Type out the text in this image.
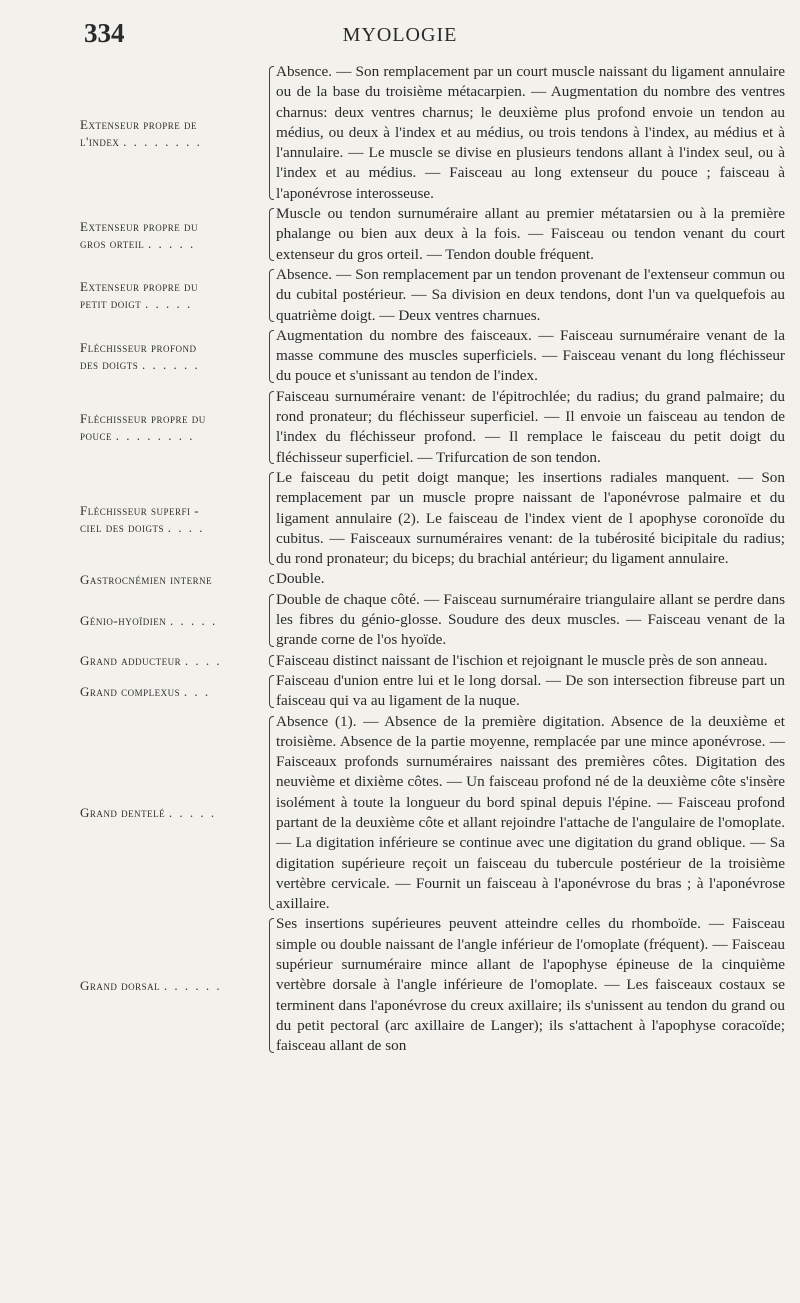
334	MYOLOGIE
Extenseur propre de
l'index . . . . . . . .
Absence. — Son remplacement par un court muscle naissant du ligament annulaire ou de la base du troisième métacarpien. — Augmentation du nombre des ventres charnus: deux ventres charnus; le deuxième plus profond envoie un tendon au médius, ou deux à l'index et au médius, ou trois tendons à l'index, au médius et à l'annulaire. — Le muscle se divise en plusieurs tendons allant à l'index seul, ou à l'index et au médius. — Faisceau au long extenseur du pouce ; faisceau à l'aponévrose interosseuse.
Extenseur propre du
gros orteil . . . . .
Muscle ou tendon surnuméraire allant au premier métatarsien ou à la première phalange ou bien aux deux à la fois. — Faisceau ou tendon venant du court extenseur du gros orteil. — Tendon double fréquent.
Extenseur propre du
petit doigt . . . . .
Absence. — Son remplacement par un tendon provenant de l'extenseur commun ou du cubital postérieur. — Sa division en deux tendons, dont l'un va quelquefois au quatrième doigt. — Deux ventres charnues.
Fléchisseur profond
des doigts . . . . . .
Augmentation du nombre des faisceaux. — Faisceau surnuméraire venant de la masse commune des muscles superficiels. — Faisceau venant du long fléchisseur du pouce et s'unissant au tendon de l'index.
Fléchisseur propre du
pouce . . . . . . . .
Faisceau surnuméraire venant: de l'épitrochlée; du radius; du grand palmaire; du rond pronateur; du fléchisseur superficiel. — Il envoie un faisceau au tendon de l'index du fléchisseur profond. — Il remplace le faisceau du petit doigt du fléchisseur superficiel. — Trifurcation de son tendon.
Fléchisseur superfi -
ciel des doigts . . . .
Le faisceau du petit doigt manque; les insertions radiales manquent. — Son remplacement par un muscle propre naissant de l'aponévrose palmaire et du ligament annulaire (2). Le faisceau de l'index vient de l apophyse coronoïde du cubitus. — Faisceaux surnuméraires venant: de la tubérosité bicipitale du radius; du rond pronateur; du biceps; du brachial antérieur; du ligament annulaire.
Gastrocnémien interne	Double.
Génio-hyoïdien . . . . .
Double de chaque côté. — Faisceau surnuméraire triangulaire allant se perdre dans les fibres du génio-glosse. Soudure des deux muscles. — Faisceau venant de la grande corne de l'os hyoïde.
Grand adducteur . . . .	Faisceau distinct naissant de l'ischion et rejoignant le muscle près de son anneau.
Grand complexus . . .
Faisceau d'union entre lui et le long dorsal. — De son intersection fibreuse part un faisceau qui va au ligament de la nuque.
Grand dentelé . . . . .
Absence (1). — Absence de la première digitation. Absence de la deuxième et troisième. Absence de la partie moyenne, remplacée par une mince aponévrose. — Faisceaux profonds surnuméraires naissant des premières côtes. Digitation des neuvième et dixième côtes. — Un faisceau profond né de la deuxième côte s'insère isolément à toute la longueur du bord spinal depuis l'épine. — Faisceau profond partant de la deuxième côte et allant rejoindre l'attache de l'angulaire de l'omoplate. — La digitation inférieure se continue avec une digitation du grand oblique. — Sa digitation supérieure reçoit un faisceau du tubercule postérieur de la troisième vertèbre cervicale. — Fournit un faisceau à l'aponévrose du bras ; à l'aponévrose axillaire.
Grand dorsal . . . . . .
Ses insertions supérieures peuvent atteindre celles du rhomboïde. — Faisceau simple ou double naissant de l'angle inférieur de l'omoplate (fréquent). — Faisceau supérieur surnuméraire mince allant de l'apophyse épineuse de la cinquième vertèbre dorsale à l'angle inférieure de l'omoplate. — Les faisceaux costaux se terminent dans l'aponévrose du creux axillaire; ils s'unissent au tendon du grand ou du petit pectoral (arc axillaire de Langer); ils s'attachent à l'apophyse coracoïde; faisceau allant de son
